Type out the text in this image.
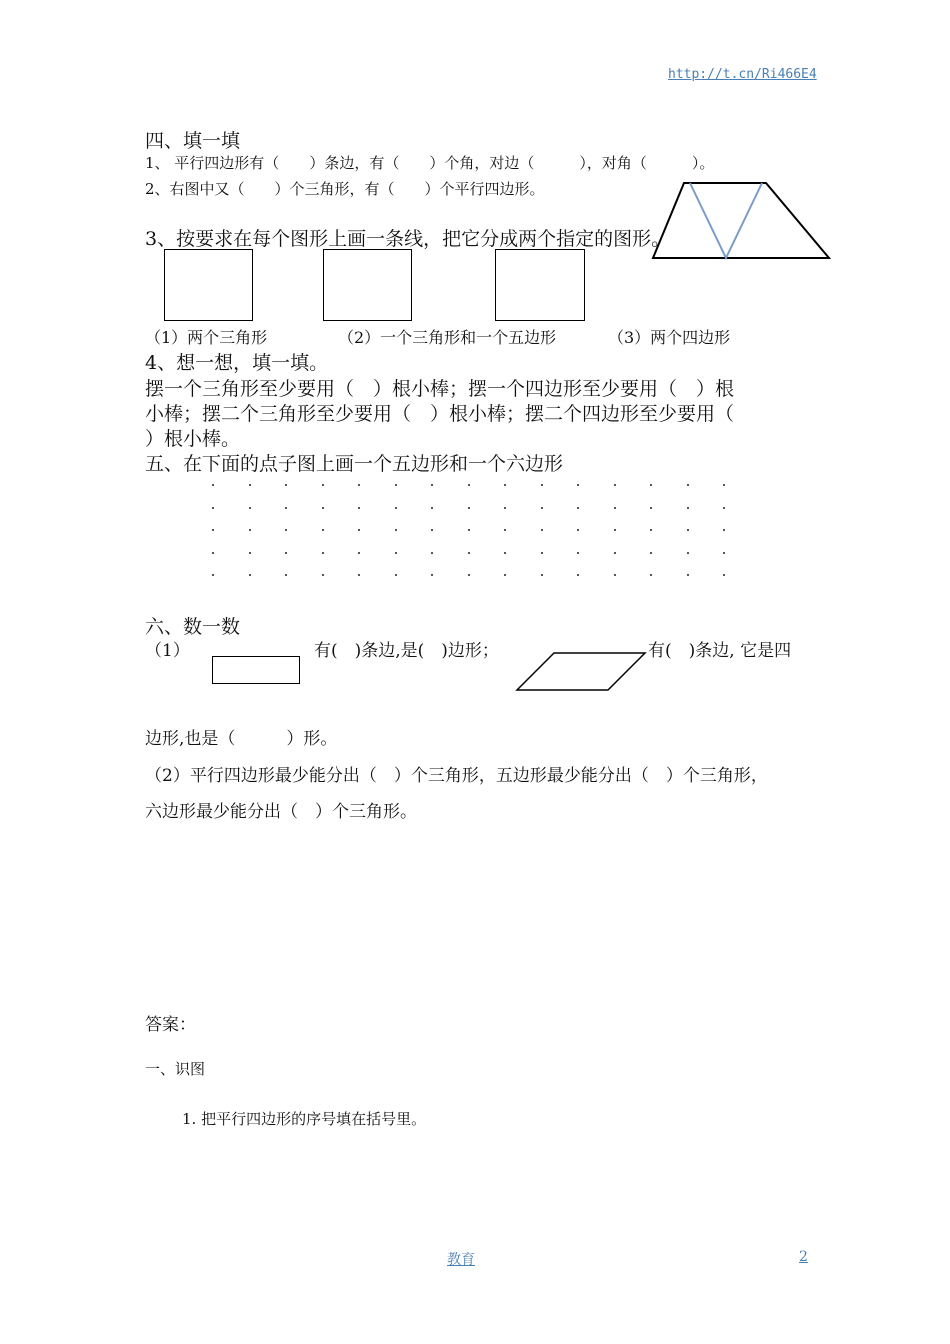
http://t.cn/Ri466E4
四、填一填
1、 平行四边形有（　　）条边，有（　　）个角，对边（　　　），对角（　　　）。
2、右图中又（　　）个三角形，有（　　）个平行四边形。
3、按要求在每个图形上画一条线，把它分成两个指定的图形。
（1）两个三角形	（2）一个三角形和一个五边形	（3）两个四边形
4、想一想，填一填。
摆一个三角形至少要用（　）根小棒；摆一个四边形至少要用（　）根
小棒；摆二个三角形至少要用（　）根小棒；摆二个四边形至少要用（
）根小棒。
五、在下面的点子图上画一个五边形和一个六边形
六、数一数
（1）	有(　)条边,是(　)边形；	有(　)条边, 它是四
边形,也是（　　　）形。
（2）平行四边形最少能分出（　）个三角形，五边形最少能分出（　）个三角形，
六边形最少能分出（　）个三角形。
答案：
一、识图
1. 把平行四边形的序号填在括号里。
教育	2
